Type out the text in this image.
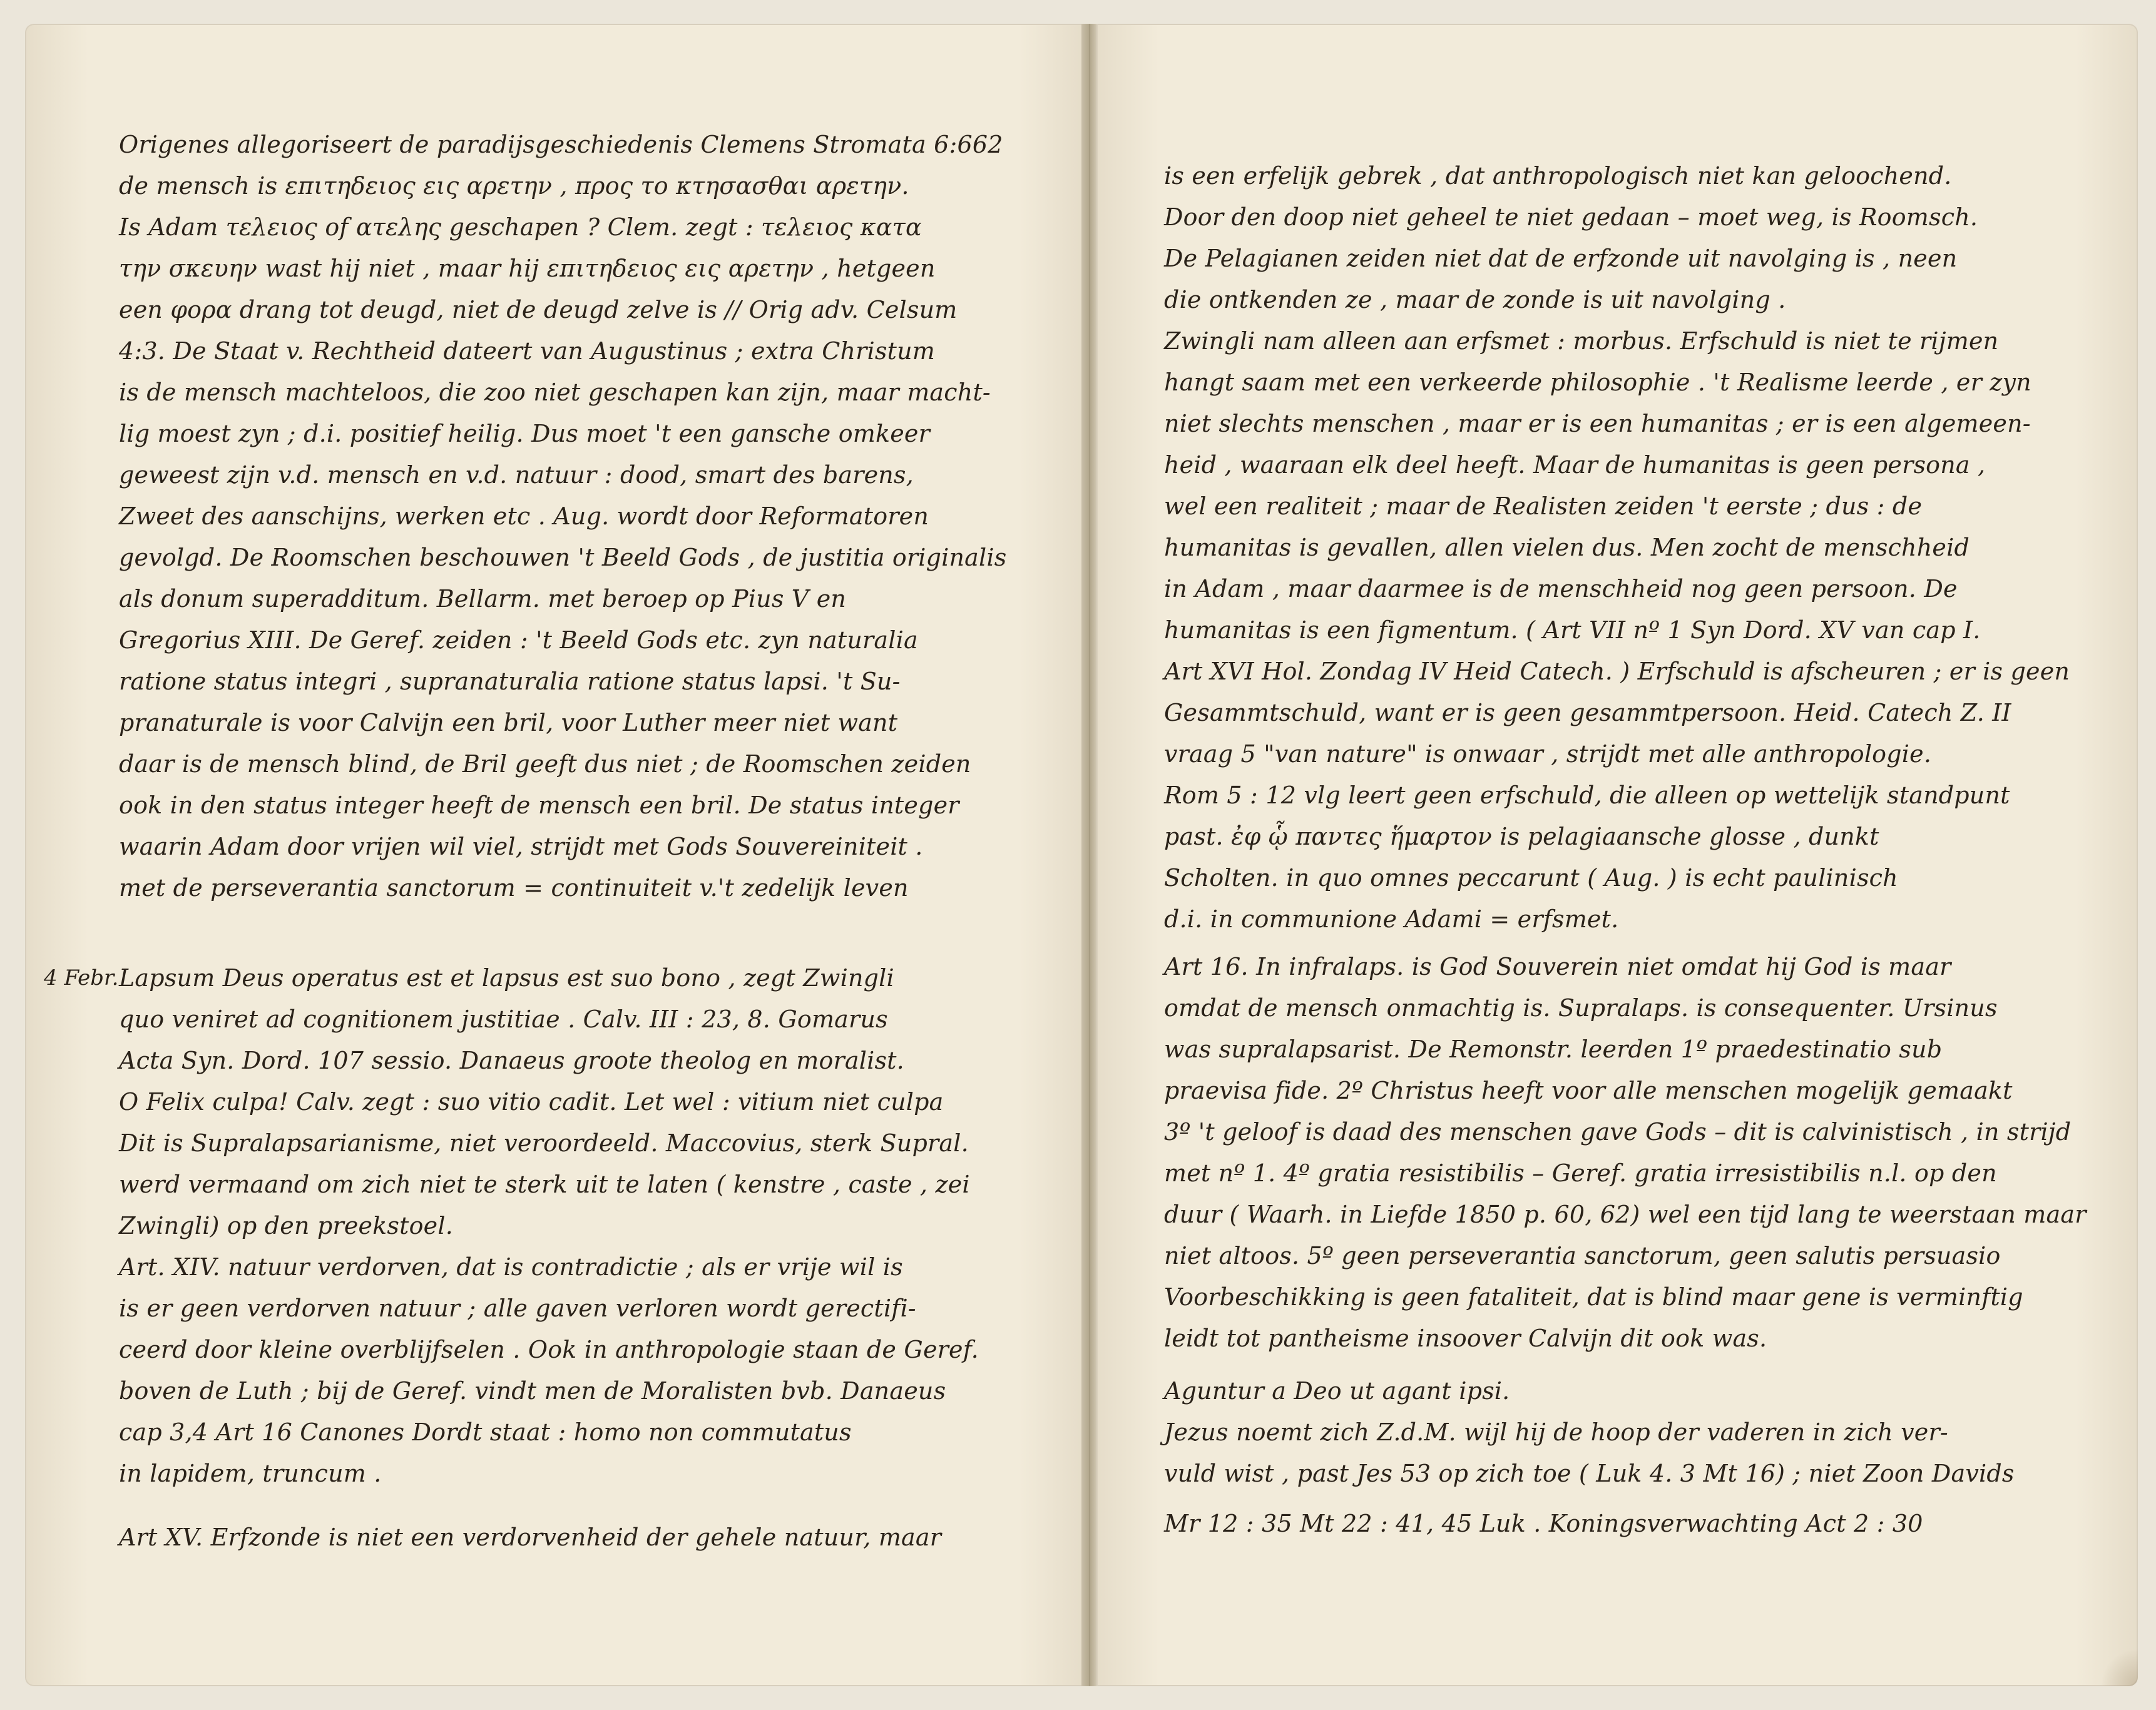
4 Febr.
Origenes allegoriseert de paradijsgeschiedenis Clemens Stromata 6:662
de mensch is επιτηδειος εις αρετην , προς το κτησασθαι αρετην.
Is Adam τελειος of ατελης geschapen ? Clem. zegt : τελειος κατα
την σκευην wast hij niet , maar hij επιτηδειος εις αρετην , hetgeen
een φορα drang tot deugd, niet de deugd zelve is // Orig adv. Celsum
4:3. De Staat v. Rechtheid dateert van Augustinus ; extra Christum
is de mensch machteloos, die zoo niet geschapen kan zijn, maar macht-
lig moest zyn ; d.i. positief heilig. Dus moet 't een gansche omkeer
geweest zijn v.d. mensch en v.d. natuur : dood, smart des barens,
Zweet des aanschijns, werken etc . Aug. wordt door Reformatoren
gevolgd. De Roomschen beschouwen 't Beeld Gods , de justitia originalis
als donum superadditum. Bellarm. met beroep op Pius V en
Gregorius XIII. De Geref. zeiden : 't Beeld Gods etc. zyn naturalia
ratione status integri , supranaturalia ratione status lapsi. 't Su-
pranaturale is voor Calvijn een bril, voor Luther meer niet want
daar is de mensch blind, de Bril geeft dus niet ; de Roomschen zeiden
ook in den status integer heeft de mensch een bril. De status integer
waarin Adam door vrijen wil viel, strijdt met Gods Souvereiniteit .
met de perseverantia sanctorum = continuiteit v.'t zedelijk leven
Lapsum Deus operatus est et lapsus est suo bono , zegt Zwingli
quo veniret ad cognitionem justitiae . Calv. III : 23, 8. Gomarus
Acta Syn. Dord. 107 sessio. Danaeus groote theolog en moralist.
O Felix culpa! Calv. zegt : suo vitio cadit. Let wel : vitium niet culpa
Dit is Supralapsarianisme, niet veroordeeld. Maccovius, sterk Supral.
werd vermaand om zich niet te sterk uit te laten ( kenstre , caste , zei
Zwingli) op den preekstoel.
Art. XIV. natuur verdorven, dat is contradictie ; als er vrije wil is
is er geen verdorven natuur ; alle gaven verloren wordt gerectifi-
ceerd door kleine overblijfselen . Ook in anthropologie staan de Geref.
boven de Luth ; bij de Geref. vindt men de Moralisten bvb. Danaeus
cap 3,4 Art 16 Canones Dordt staat : homo non commutatus
in lapidem, truncum .
Art XV. Erfzonde is niet een verdorvenheid der gehele natuur, maar
is een erfelijk gebrek , dat anthropologisch niet kan geloochend.
Door den doop niet geheel te niet gedaan – moet weg, is Roomsch.
De Pelagianen zeiden niet dat de erfzonde uit navolging is , neen
die ontkenden ze , maar de zonde is uit navolging .
Zwingli nam alleen aan erfsmet : morbus. Erfschuld is niet te rijmen
hangt saam met een verkeerde philosophie . 't Realisme leerde , er zyn
niet slechts menschen , maar er is een humanitas ; er is een algemeen-
heid , waaraan elk deel heeft. Maar de humanitas is geen persona ,
wel een realiteit ; maar de Realisten zeiden 't eerste ; dus : de
humanitas is gevallen, allen vielen dus. Men zocht de menschheid
in Adam , maar daarmee is de menschheid nog geen persoon. De
humanitas is een figmentum. ( Art VII nº 1 Syn Dord. XV van cap I.
Art XVI Hol. Zondag IV Heid Catech. ) Erfschuld is afscheuren ; er is geen
Gesammtschuld, want er is geen gesammtpersoon. Heid. Catech Z. II
vraag 5 "van nature" is onwaar , strijdt met alle anthropologie.
Rom 5 : 12 vlg leert geen erfschuld, die alleen op wettelijk standpunt
past. ἐφ ᾧ παντες ἥμαρτον is pelagiaansche glosse , dunkt
Scholten. in quo omnes peccarunt ( Aug. ) is echt paulinisch
d.i. in communione Adami = erfsmet.
Art 16. In infralaps. is God Souverein niet omdat hij God is maar
omdat de mensch onmachtig is. Supralaps. is consequenter. Ursinus
was supralapsarist. De Remonstr. leerden 1º praedestinatio sub
praevisa fide. 2º Christus heeft voor alle menschen mogelijk gemaakt
3º 't geloof is daad des menschen gave Gods – dit is calvinistisch , in strijd
met nº 1. 4º gratia resistibilis – Geref. gratia irresistibilis n.l. op den
duur ( Waarh. in Liefde 1850 p. 60, 62) wel een tijd lang te weerstaan maar
niet altoos. 5º geen perseverantia sanctorum, geen salutis persuasio
Voorbeschikking is geen fataliteit, dat is blind maar gene is verminftig
leidt tot pantheisme insoover Calvijn dit ook was.
Aguntur a Deo ut agant ipsi.
Jezus noemt zich Z.d.M. wijl hij de hoop der vaderen in zich ver-
vuld wist , past Jes 53 op zich toe ( Luk 4. 3 Mt 16) ; niet Zoon Davids
Mr 12 : 35 Mt 22 : 41, 45 Luk . Koningsverwachting Act 2 : 30
